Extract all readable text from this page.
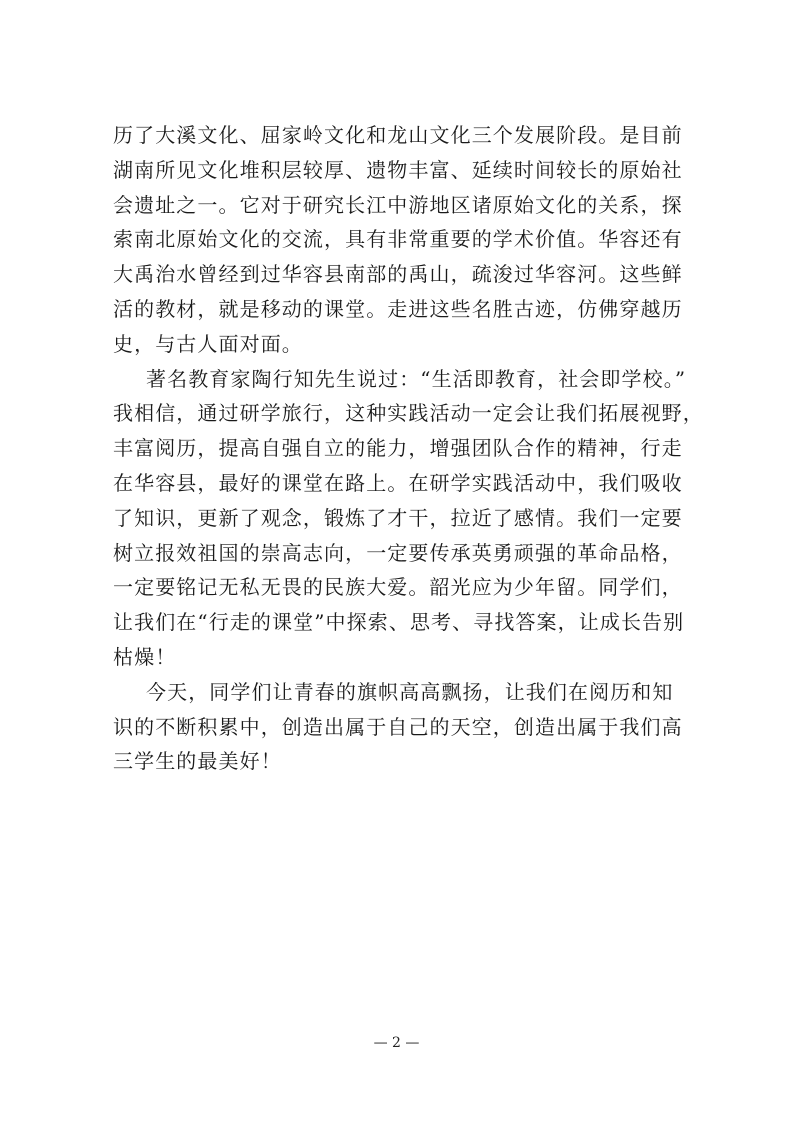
历了大溪文化、屈家岭文化和龙山文化三个发展阶段。是目前
湖南所见文化堆积层较厚、遗物丰富、延续时间较长的原始社
会遗址之一。它对于研究长江中游地区诸原始文化的关系，探
索南北原始文化的交流，具有非常重要的学术价值。华容还有
大禹治水曾经到过华容县南部的禹山，疏浚过华容河。这些鲜
活的教材，就是移动的课堂。走进这些名胜古迹，仿佛穿越历
史，与古人面对面。
著名教育家陶行知先生说过：“生活即教育，社会即学校。”
我相信，通过研学旅行，这种实践活动一定会让我们拓展视野，
丰富阅历，提高自强自立的能力，增强团队合作的精神，行走
在华容县，最好的课堂在路上。在研学实践活动中，我们吸收
了知识，更新了观念，锻炼了才干，拉近了感情。我们一定要
树立报效祖国的崇高志向，一定要传承英勇顽强的革命品格，
一定要铭记无私无畏的民族大爱。韶光应为少年留。同学们，
让我们在“行走的课堂”中探索、思考、寻找答案，让成长告别
枯燥！
今天，同学们让青春的旗帜高高飘扬，让我们在阅历和知
识的不断积累中，创造出属于自己的天空，创造出属于我们高
三学生的最美好！
— 2 —
